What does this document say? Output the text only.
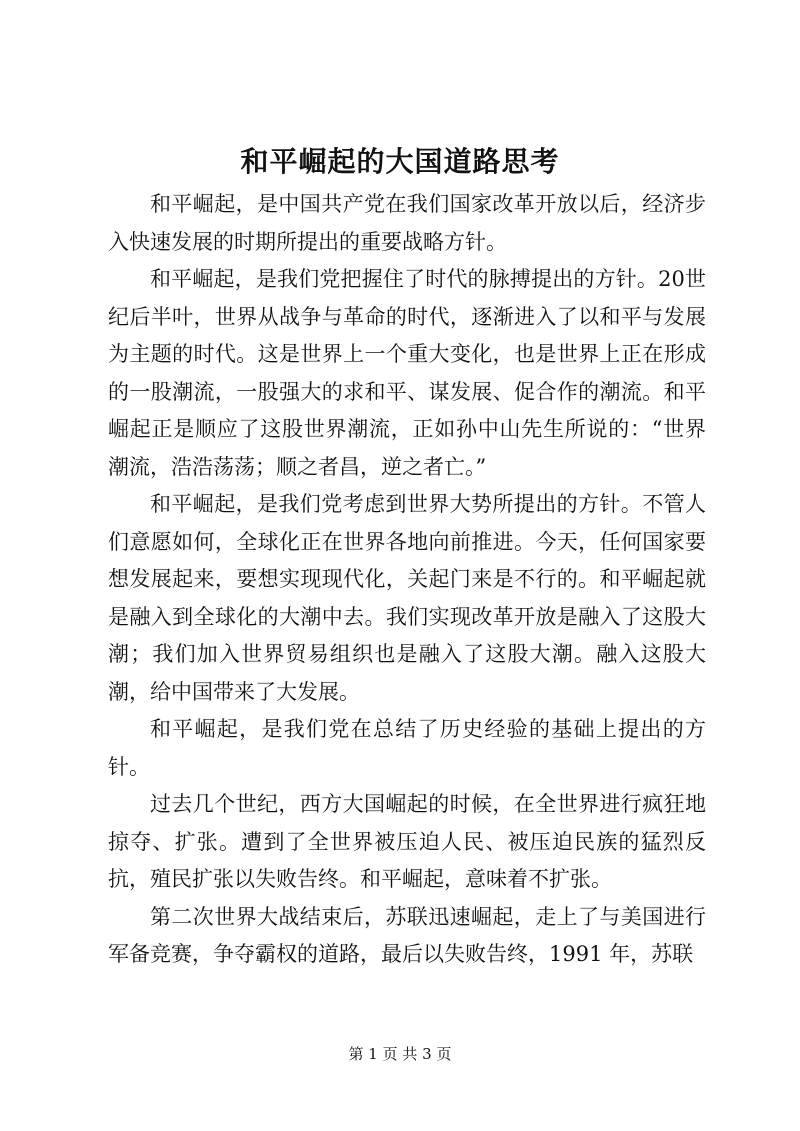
和平崛起的大国道路思考

和平崛起，是中国共产党在我们国家改革开放以后，经济步入快速发展的时期所提出的重要战略方针。

和平崛起，是我们党把握住了时代的脉搏提出的方针。20世纪后半叶，世界从战争与革命的时代，逐渐进入了以和平与发展为主题的时代。这是世界上一个重大变化，也是世界上正在形成的一股潮流，一股强大的求和平、谋发展、促合作的潮流。和平崛起正是顺应了这股世界潮流，正如孙中山先生所说的：“世界潮流，浩浩荡荡；顺之者昌，逆之者亡。”

和平崛起，是我们党考虑到世界大势所提出的方针。不管人们意愿如何，全球化正在世界各地向前推进。今天，任何国家要想发展起来，要想实现现代化，关起门来是不行的。和平崛起就是融入到全球化的大潮中去。我们实现改革开放是融入了这股大潮；我们加入世界贸易组织也是融入了这股大潮。融入这股大潮，给中国带来了大发展。

和平崛起，是我们党在总结了历史经验的基础上提出的方针。

过去几个世纪，西方大国崛起的时候，在全世界进行疯狂地掠夺、扩张。遭到了全世界被压迫人民、被压迫民族的猛烈反抗，殖民扩张以失败告终。和平崛起，意味着不扩张。

第二次世界大战结束后，苏联迅速崛起，走上了与美国进行军备竞赛，争夺霸权的道路，最后以失败告终，1991 年，苏联

第 1 页 共 3 页
